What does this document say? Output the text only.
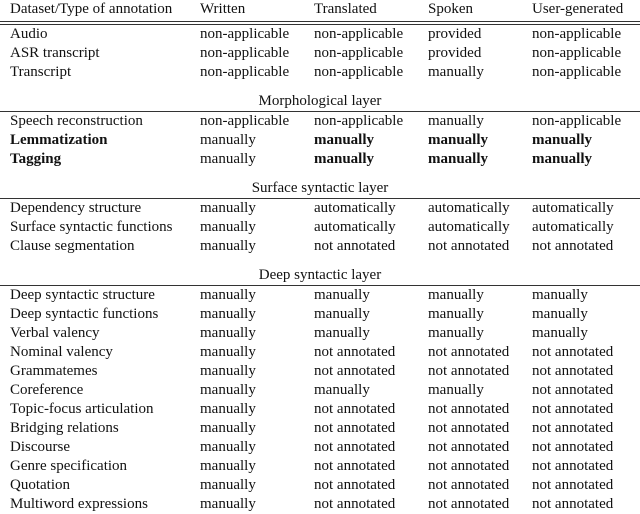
Dataset/Type of annotation	Written	Translated	Spoken	User-generated
Audio	non-applicable	non-applicable	provided	non-applicable
ASR transcript	non-applicable	non-applicable	provided	non-applicable
Transcript	non-applicable	non-applicable	manually	non-applicable
Morphological layer				
Speech reconstruction	non-applicable	non-applicable	manually	non-applicable
Lemmatization	manually	manually	manually	manually
Tagging	manually	manually	manually	manually
Surface syntactic layer				
Dependency structure	manually	automatically	automatically	automatically
Surface syntactic functions	manually	automatically	automatically	automatically
Clause segmentation	manually	not annotated	not annotated	not annotated
Deep syntactic layer				
Deep syntactic structure	manually	manually	manually	manually
Deep syntactic functions	manually	manually	manually	manually
Verbal valency	manually	manually	manually	manually
Nominal valency	manually	not annotated	not annotated	not annotated
Grammatemes	manually	not annotated	not annotated	not annotated
Coreference	manually	manually	manually	not annotated
Topic-focus articulation	manually	not annotated	not annotated	not annotated
Bridging relations	manually	not annotated	not annotated	not annotated
Discourse	manually	not annotated	not annotated	not annotated
Genre specification	manually	not annotated	not annotated	not annotated
Quotation	manually	not annotated	not annotated	not annotated
Multiword expressions	manually	not annotated	not annotated	not annotated
